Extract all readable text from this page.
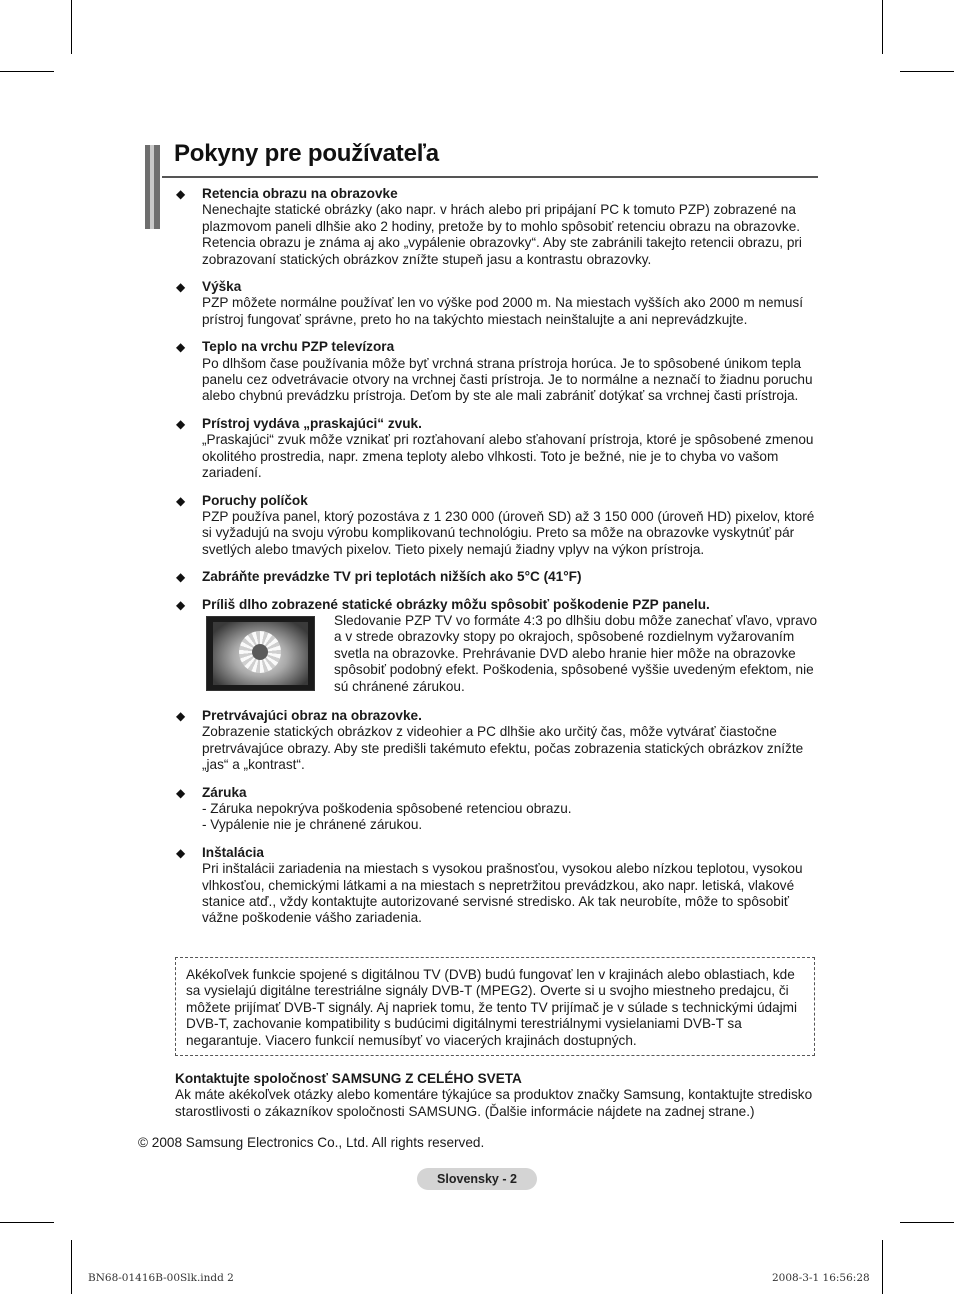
Pokyny pre používateľa
◆ Retencia obrazu na obrazovke
Nenechajte statické obrázky (ako napr. v hrách alebo pri pripájaní PC k tomuto PZP) zobrazené na plazmovom paneli dlhšie ako 2 hodiny, pretože by to mohlo spôsobiť retenciu obrazu na obrazovke. Retencia obrazu je známa aj ako „vypálenie obrazovky“. Aby ste zabránili takejto retencii obrazu, pri zobrazovaní statických obrázkov znížte stupeň jasu a kontrastu obrazovky.
◆ Výška
PZP môžete normálne používať len vo výške pod 2000 m. Na miestach vyšších ako 2000 m nemusí prístroj fungovať správne, preto ho na takýchto miestach neinštalujte a ani neprevádzkujte.
◆ Teplo na vrchu PZP televízora
Po dlhšom čase používania môže byť vrchná strana prístroja horúca. Je to spôsobené únikom tepla panelu cez odvetrávacie otvory na vrchnej časti prístroja. Je to normálne a neznačí to žiadnu poruchu alebo chybnú prevádzku prístroja. Deťom by ste ale mali zabrániť dotýkať sa vrchnej časti prístroja.
◆ Prístroj vydáva „praskajúci“ zvuk.
„Praskajúci“ zvuk môže vznikať pri rozťahovaní alebo sťahovaní prístroja, ktoré je spôsobené zmenou okolitého prostredia, napr. zmena teploty alebo vlhkosti. Toto je bežné, nie je to chyba vo vašom zariadení.
◆ Poruchy políčok
PZP používa panel, ktorý pozostáva z 1 230 000 (úroveň SD) až 3 150 000 (úroveň HD) pixelov, ktoré si vyžadujú na svoju výrobu komplikovanú technológiu. Preto sa môže na obrazovke vyskytnúť pár svetlých alebo tmavých pixelov. Tieto pixely nemajú žiadny vplyv na výkon prístroja.
◆ Zabráňte prevádzke TV pri teplotách nižších ako 5°C (41°F)
◆ Príliš dlho zobrazené statické obrázky môžu spôsobiť poškodenie PZP panelu.
Sledovanie PZP TV vo formáte 4:3 po dlhšiu dobu môže zanechať vľavo, vpravo a v strede obrazovky stopy po okrajoch, spôsobené rozdielnym vyžarovaním svetla na obrazovke. Prehrávanie DVD alebo hranie hier môže na obrazovke spôsobiť podobný efekt. Poškodenia, spôsobené vyššie uvedeným efektom, nie sú chránené zárukou.
◆ Pretrvávajúci obraz na obrazovke.
Zobrazenie statických obrázkov z videohier a PC dlhšie ako určitý čas, môže vytvárať čiastočne pretrvávajúce obrazy. Aby ste predišli takémuto efektu, počas zobrazenia statických obrázkov znížte „jas“ a „kontrast“.
◆ Záruka
- Záruka nepokrýva poškodenia spôsobené retenciou obrazu.
- Vypálenie nie je chránené zárukou.
◆ Inštalácia
Pri inštalácii zariadenia na miestach s vysokou prašnosťou, vysokou alebo nízkou teplotou, vysokou vlhkosťou, chemickými látkami a na miestach s nepretržitou prevádzkou, ako napr. letiská, vlakové stanice atď., vždy kontaktujte autorizované servisné stredisko. Ak tak neurobíte, môže to spôsobiť vážne poškodenie vášho zariadenia.
Akékoľvek funkcie spojené s digitálnou TV (DVB) budú fungovať len v krajinách alebo oblastiach, kde sa vysielajú digitálne terestriálne signály DVB-T (MPEG2). Overte si u svojho miestneho predajcu, či môžete prijímať DVB-T signály. Aj napriek tomu, že tento TV prijímač je v súlade s technickými údajmi DVB-T, zachovanie kompatibility s budúcimi digitálnymi terestriálnymi vysielaniami DVB-T sa negarantuje. Viacero funkcií nemusíbyť vo viacerých krajinách dostupných.
Kontaktujte spoločnosť SAMSUNG Z CELÉHO SVETA
Ak máte akékoľvek otázky alebo komentáre týkajúce sa produktov značky Samsung, kontaktujte stredisko starostlivosti o zákazníkov spoločnosti SAMSUNG. (Ďalšie informácie nájdete na zadnej strane.)
© 2008 Samsung Electronics Co., Ltd. All rights reserved.
Slovensky - 2
BN68-01416B-00Slk.indd 2	2008-3-1 16:56:28
